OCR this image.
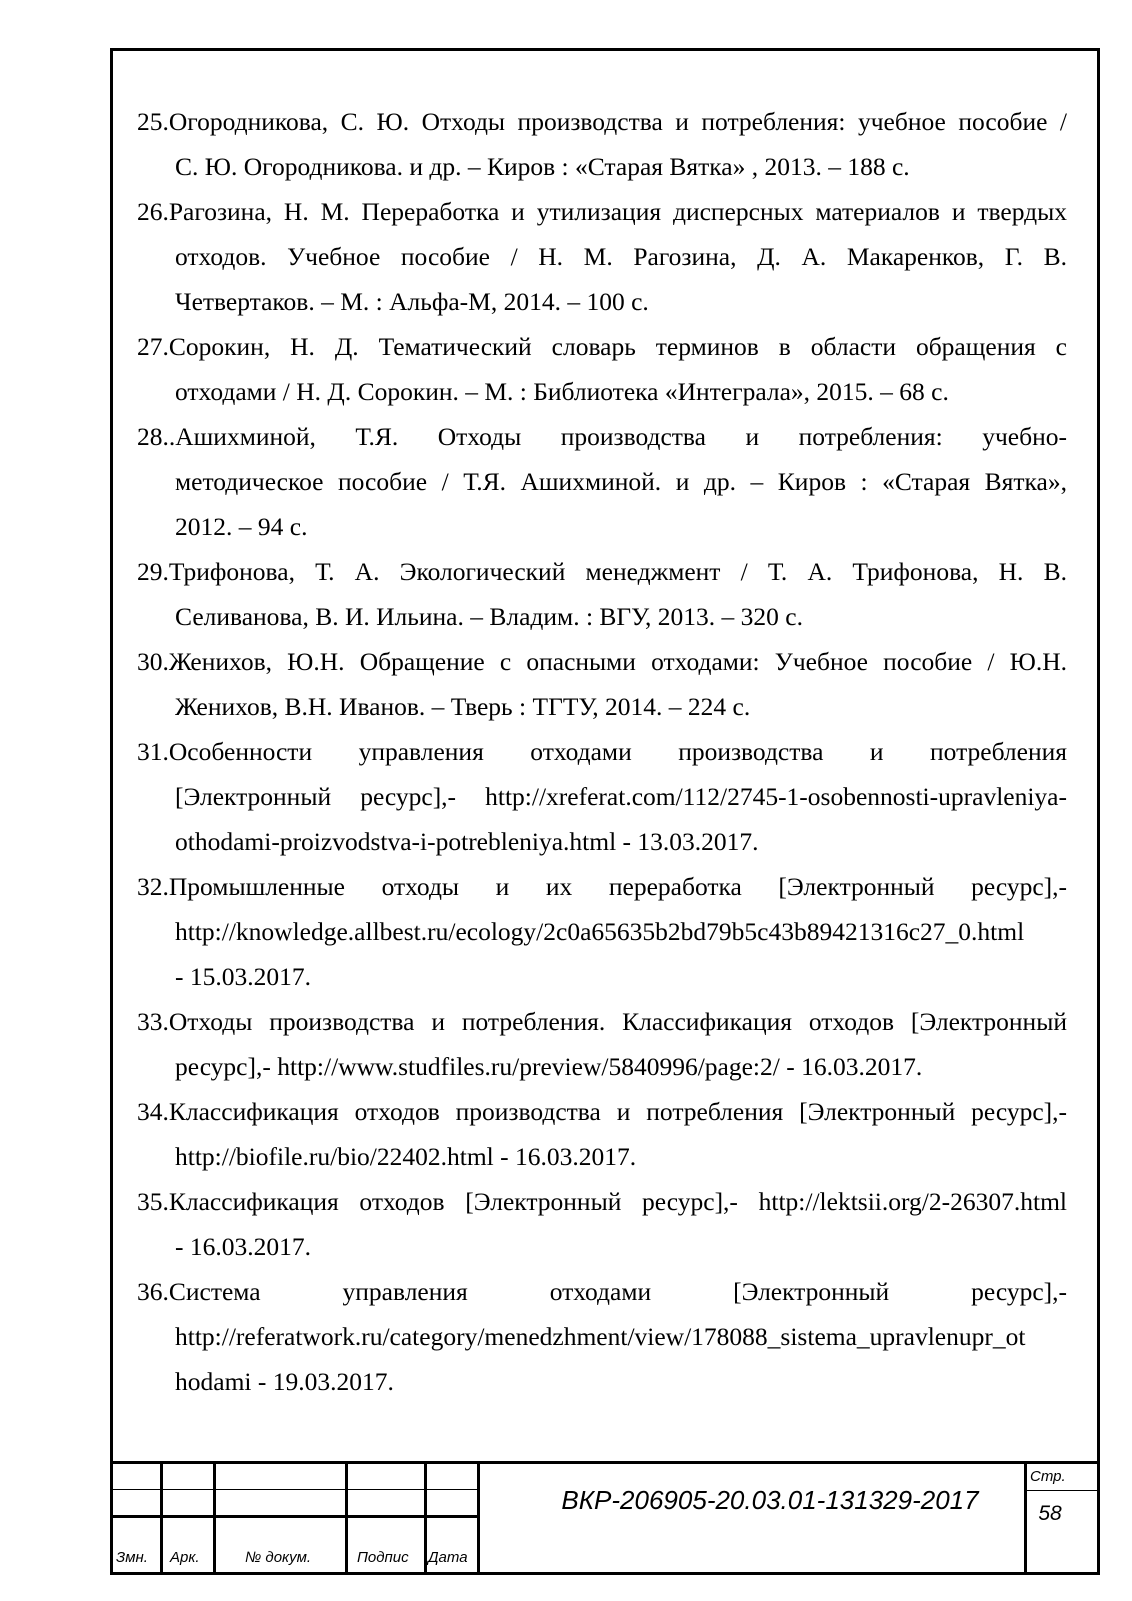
25.Огородникова, С. Ю. Отходы производства и потребления: учебное пособие /
С. Ю. Огородникова. и др. – Киров : «Старая Вятка» , 2013. – 188 с.
26.Рагозина, Н. М. Переработка и утилизация дисперсных материалов и твердых
отходов. Учебное пособие / Н. М. Рагозина, Д. А. Макаренков, Г. В.
Четвертаков. – М. : Альфа-М, 2014. – 100 с.
27.Сорокин, Н. Д. Тематический словарь терминов в области обращения с
отходами / Н. Д. Сорокин. – М. : Библиотека «Интеграла», 2015. – 68 с.
28..Ашихминой, Т.Я. Отходы производства и потребления: учебно-
методическое пособие / Т.Я. Ашихминой. и др. – Киров : «Старая Вятка»,
2012. – 94 с.
29.Трифонова, Т. А. Экологический менеджмент / Т. А. Трифонова, Н. В.
Селиванова, В. И. Ильина. – Владим. : ВГУ, 2013. – 320 с.
30.Женихов, Ю.Н. Обращение с опасными отходами: Учебное пособие / Ю.Н.
Женихов, В.Н. Иванов. – Тверь : ТГТУ, 2014. – 224 с.
31.Особенности управления отходами производства и потребления
[Электронный ресурс],- http://xreferat.com/112/2745-1-osobennosti-upravleniya-
othodami-proizvodstva-i-potrebleniya.html - 13.03.2017.
32.Промышленные отходы и их переработка [Электронный ресурс],-
http://knowledge.allbest.ru/ecology/2c0a65635b2bd79b5c43b89421316c27_0.html
- 15.03.2017.
33.Отходы производства и потребления. Классификация отходов [Электронный
ресурс],- http://www.studfiles.ru/preview/5840996/page:2/ - 16.03.2017.
34.Классификация отходов производства и потребления [Электронный ресурс],-
http://biofile.ru/bio/22402.html - 16.03.2017.
35.Классификация отходов [Электронный ресурс],- http://lektsii.org/2-26307.html
- 16.03.2017.
36.Система управления отходами [Электронный ресурс],-
http://referatwork.ru/category/menedzhment/view/178088_sistema_upravlenupr_ot
hodami - 19.03.2017.
Змн. Арк.	№ докум.	Подпис Дата
ВКР-206905-20.03.01-131329-2017
Стр.
58
